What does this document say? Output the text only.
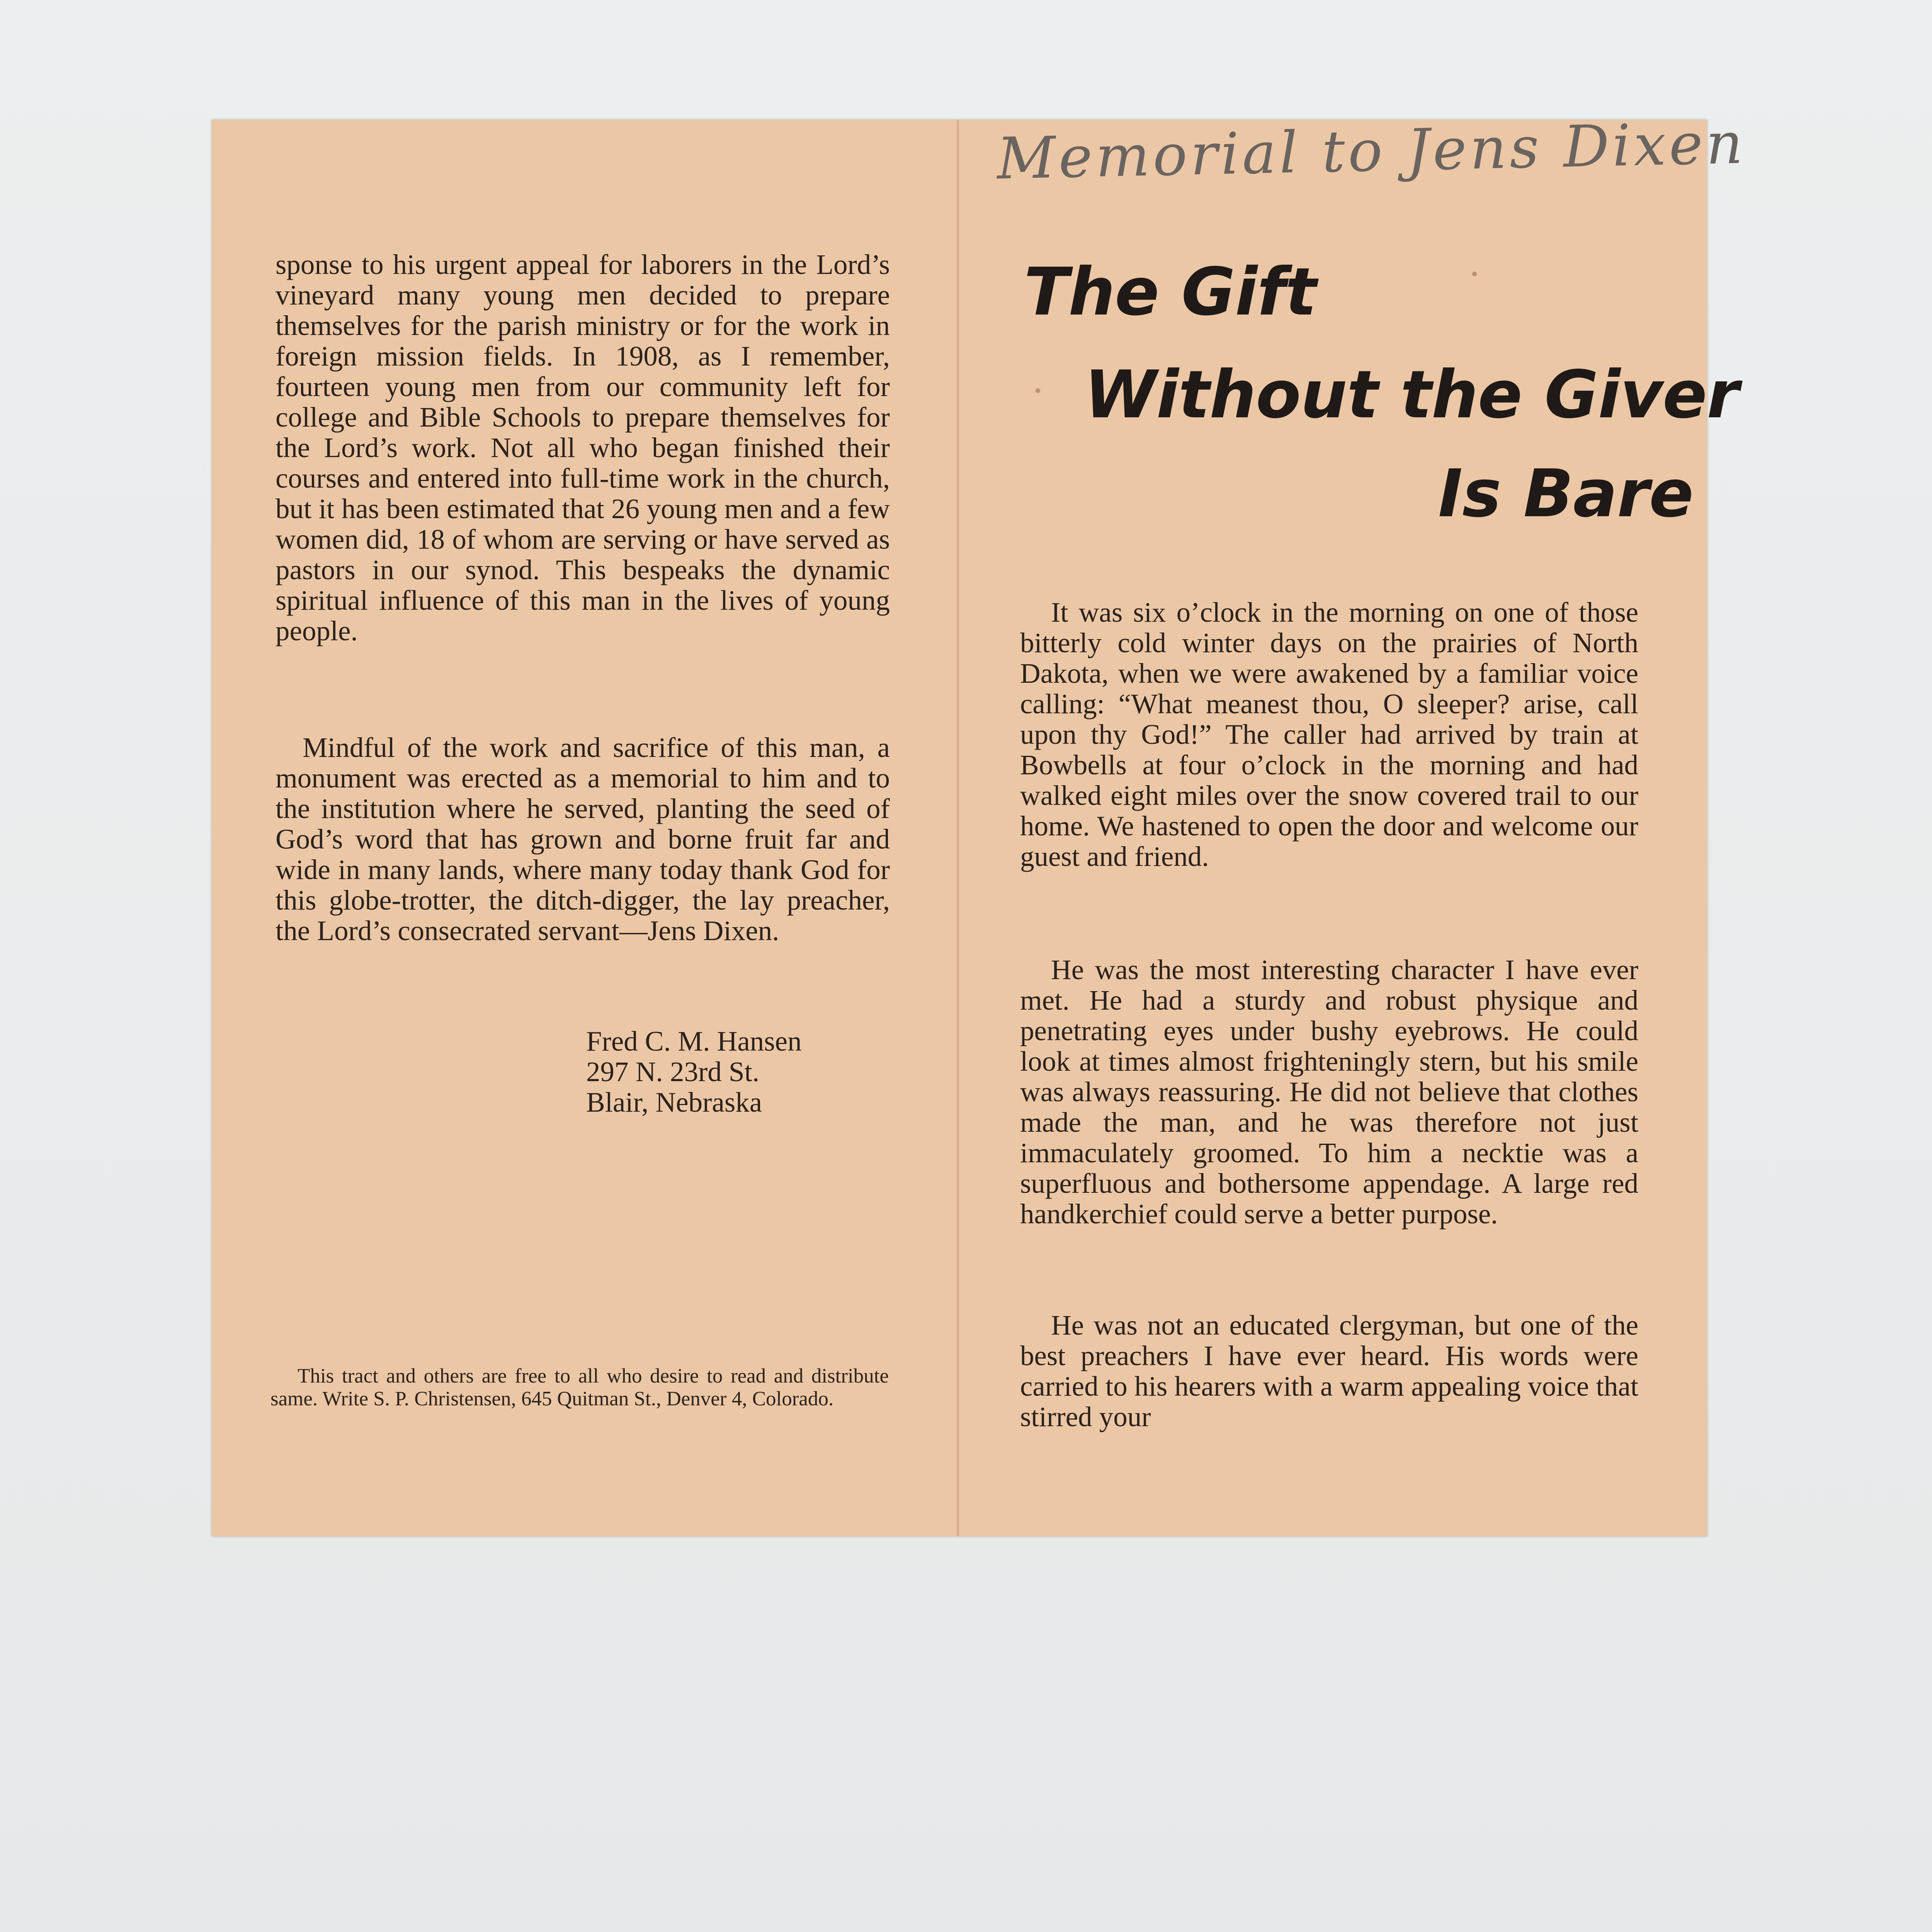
Memorial to Jens Dixen

sponse to his urgent appeal for laborers in the Lord’s vineyard many young men decided to prepare themselves for the parish ministry or for the work in foreign mission fields. In 1908, as I remember, fourteen young men from our community left for college and Bible Schools to prepare themselves for the Lord’s work. Not all who began finished their courses and entered into full-time work in the church, but it has been estimated that 26 young men and a few women did, 18 of whom are serving or have served as pastors in our synod. This bespeaks the dynamic spiritual influence of this man in the lives of young people.

Mindful of the work and sacrifice of this man, a monument was erected as a memorial to him and to the institution where he served, planting the seed of God’s word that has grown and borne fruit far and wide in many lands, where many today thank God for this globe-trotter, the ditch-digger, the lay preacher, the Lord’s consecrated servant—Jens Dixen.

Fred C. M. Hansen
297 N. 23rd St.
Blair, Nebraska

This tract and others are free to all who desire to read and distribute same. Write S. P. Christensen, 645 Quitman St., Denver 4, Colorado.

The Gift
Without the Giver
Is Bare

It was six o’clock in the morning on one of those bitterly cold winter days on the prairies of North Dakota, when we were awakened by a familiar voice calling: “What meanest thou, O sleeper? arise, call upon thy God!” The caller had arrived by train at Bowbells at four o’clock in the morning and had walked eight miles over the snow covered trail to our home. We hastened to open the door and welcome our guest and friend.

He was the most interesting character I have ever met. He had a sturdy and robust physique and penetrating eyes under bushy eyebrows. He could look at times almost frighteningly stern, but his smile was always reassuring. He did not believe that clothes made the man, and he was therefore not just immaculately groomed. To him a necktie was a superfluous and bothersome appendage. A large red handkerchief could serve a better purpose.

He was not an educated clergyman, but one of the best preachers I have ever heard. His words were carried to his hearers with a warm appealing voice that stirred your
